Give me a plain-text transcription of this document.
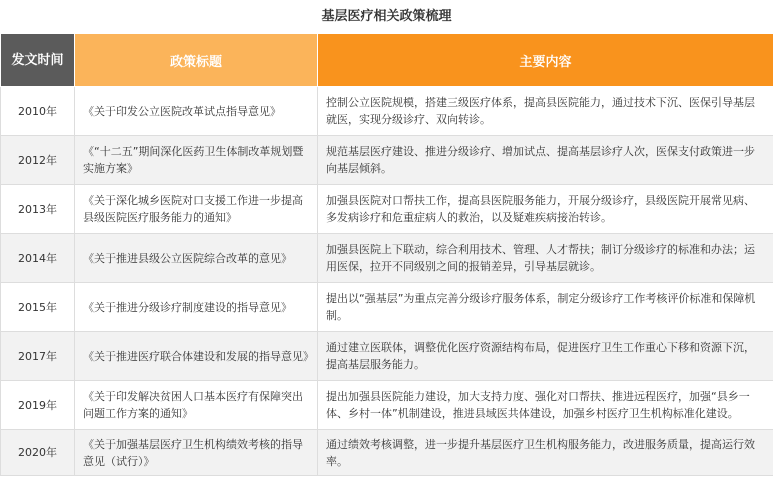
基层医疗相关政策梳理
发文时间	政策标题	主要内容
2010年	《关于印发公立医院改革试点指导意见》	控制公立医院规模，搭建三级医疗体系，提高县医院能力，通过技术下沉、医保引导基层就医，实现分级诊疗、双向转诊。
2012年	《“十二五”期间深化医药卫生体制改革规划暨实施方案》	规范基层医疗建设、推进分级诊疗、增加试点、提高基层诊疗人次，医保支付政策进一步向基层倾斜。
2013年	《关于深化城乡医院对口支援工作进一步提高县级医院医疗服务能力的通知》	加强县医院对口帮扶工作，提高县医院服务能力，开展分级诊疗，县级医院开展常见病、多发病诊疗和危重症病人的救治，以及疑难疾病接治转诊。
2014年	《关于推进县级公立医院综合改革的意见》	加强县医院上下联动，综合利用技术、管理、人才帮扶；制订分级诊疗的标准和办法；运用医保，拉开不同级别之间的报销差异，引导基层就诊。
2015年	《关于推进分级诊疗制度建设的指导意见》	提出以“强基层”为重点完善分级诊疗服务体系，制定分级诊疗工作考核评价标准和保障机制。
2017年	《关于推进医疗联合体建设和发展的指导意见》	通过建立医联体，调整优化医疗资源结构布局，促进医疗卫生工作重心下移和资源下沉，提高基层服务能力。
2019年	《关于印发解决贫困人口基本医疗有保障突出问题工作方案的通知》	提出加强县医院能力建设，加大支持力度、强化对口帮扶、推进远程医疗，加强“县乡一体、乡村一体”机制建设，推进县域医共体建设，加强乡村医疗卫生机构标准化建设。
2020年	《关于加强基层医疗卫生机构绩效考核的指导意见（试行）》	通过绩效考核调整，进一步提升基层医疗卫生机构服务能力，改进服务质量，提高运行效率。
